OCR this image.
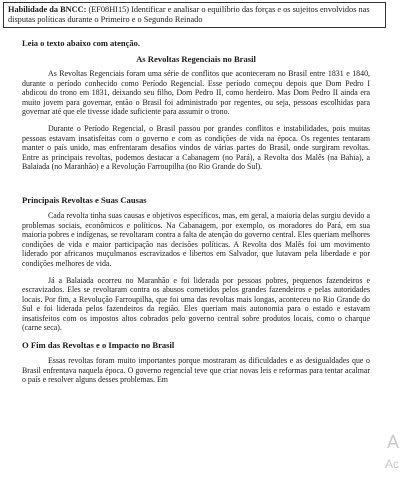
Habilidade da BNCC: (EF08HI15) Identificar e analisar o equilíbrio das forças e os sujeitos envolvidos nas disputas políticas durante o Primeiro e o Segundo Reinado

Leia o texto abaixo com atenção.

As Revoltas Regenciais no Brasil

As Revoltas Regenciais foram uma série de conflitos que aconteceram no Brasil entre 1831 e 1840, durante o período conhecido como Período Regencial. Esse período começou depois que Dom Pedro I abdicou do trono em 1831, deixando seu filho, Dom Pedro II, como herdeiro. Mas Dom Pedro II ainda era muito jovem para governar, então o Brasil foi administrado por regentes, ou seja, pessoas escolhidas para governar até que ele tivesse idade suficiente para assumir o trono.

Durante o Período Regencial, o Brasil passou por grandes conflitos e instabilidades, pois muitas pessoas estavam insatisfeitas com o governo e com as condições de vida na época. Os regentes tentaram manter o país unido, mas enfrentaram desafios vindos de várias partes do Brasil, onde surgiram revoltas. Entre as principais revoltas, podemos destacar a Cabanagem (no Pará), a Revolta dos Malês (na Bahia), a Balaiada (no Maranhão) e a Revolução Farroupilha (no Rio Grande do Sul).

Principais Revoltas e Suas Causas

Cada revolta tinha suas causas e objetivos específicos, mas, em geral, a maioria delas surgiu devido a problemas sociais, econômicos e políticos. Na Cabanagem, por exemplo, os moradores do Pará, em sua maioria pobres e indígenas, se revoltaram contra a falta de atenção do governo central. Eles queriam melhores condições de vida e maior participação nas decisões políticas. A Revolta dos Malês foi um movimento liderado por africanos muçulmanos escravizados e libertos em Salvador, que lutavam pela liberdade e por condições melhores de vida.

Já a Balaiada ocorreu no Maranhão e foi liderada por pessoas pobres, pequenos fazendeiros e escravizados. Eles se revoltaram contra os abusos cometidos pelos grandes fazendeiros e pelas autoridades locais. Por fim, a Revolução Farroupilha, que foi uma das revoltas mais longas, aconteceu no Rio Grande do Sul e foi liderada pelos fazendeiros da região. Eles queriam mais autonomia para o estado e estavam insatisfeitos com os impostos altos cobrados pelo governo central sobre produtos locais, como o charque (carne seca).

O Fim das Revoltas e o Impacto no Brasil

Essas revoltas foram muito importantes porque mostraram as dificuldades e as desigualdades que o Brasil enfrentava naquela época. O governo regencial teve que criar novas leis e reformas para tentar acalmar o país e resolver alguns desses problemas. Em

A
Ac
